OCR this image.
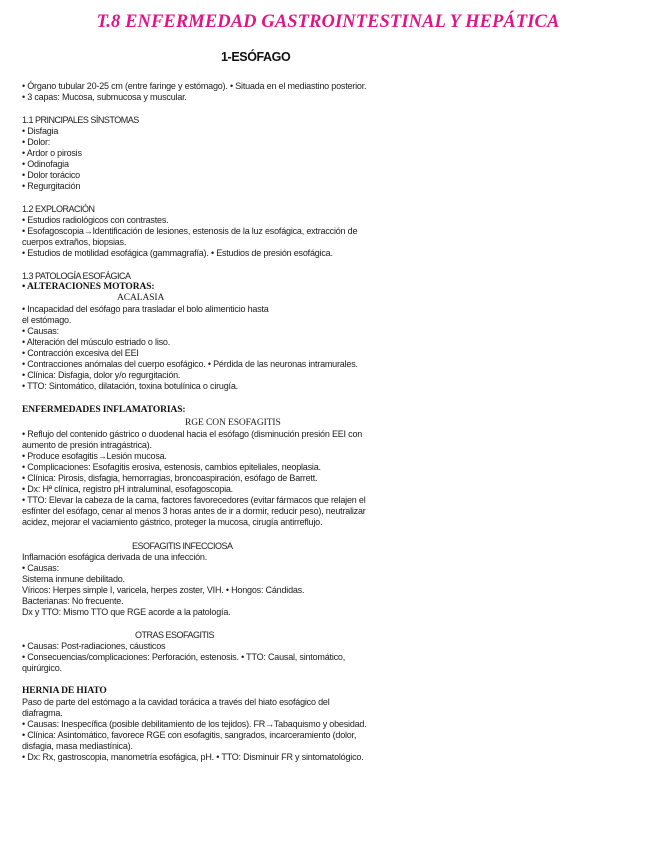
T.8 ENFERMEDAD GASTROINTESTINAL Y HEPÁTICA
1-ESÓFAGO
• Órgano tubular 20-25 cm (entre faringe y estómago). • Situada en el mediastino posterior.
• 3 capas: Mucosa, submucosa y muscular.
1.1 PRINCIPALES SÍNSTOMAS
• Disfagia
• Dolor:
• Ardor o pirosis
• Odinofagia
• Dolor torácico
• Regurgitación
1.2 EXPLORACIÓN
• Estudios radiológicos con contrastes.
• Esofagoscopia→Identificación de lesiones, estenosis de la luz esofágica, extracción de
cuerpos extraños, biopsias.
• Estudios de motilidad esofágica (gammagrafía). • Estudios de presión esofágica.
1.3 PATOLOGÍA ESOFÁGICA
• ALTERACIONES MOTORAS:
ACALASIA
• Incapacidad del esófago para trasladar el bolo alimenticio hasta
el estómago.
• Causas:
• Alteración del músculo estriado o liso.
• Contracción excesiva del EEI
• Contracciones anómalas del cuerpo esofágico. • Pérdida de las neuronas intramurales.
• Clínica: Disfagia, dolor y/o regurgitación.
• TTO: Sintomático, dilatación, toxina botulínica o cirugía.
ENFERMEDADES INFLAMATORIAS:
RGE CON ESOFAGITIS
• Reflujo del contenido gástrico o duodenal hacia el esófago (disminución presión EEI con
aumento de presión intragástrica).
• Produce esofagitis→Lesión mucosa.
• Complicaciones: Esofagitis erosiva, estenosis, cambios epiteliales, neoplasia.
• Clínica: Pirosis, disfagia, hemorragias, broncoaspiración, esófago de Barrett.
• Dx: Hª clínica, registro pH intraluminal, esofagoscopia.
• TTO: Elevar la cabeza de la cama, factores favorecedores (evitar fármacos que relajen el
esfínter del esófago, cenar al menos 3 horas antes de ir a dormir, reducir peso), neutralizar
acidez, mejorar el vaciamiento gástrico, proteger la mucosa, cirugía antirreflujo.
ESOFAGITIS INFECCIOSA
Inflamación esofágica derivada de una infección.
• Causas:
Sistema inmune debilitado.
Víricos: Herpes simple I, varicela, herpes zoster, VIH. • Hongos: Cándidas.
Bacterianas: No frecuente.
Dx y TTO: Mismo TTO que RGE acorde a la patología.
OTRAS ESOFAGITIS
• Causas: Post-radiaciones, cáusticos
• Consecuencias/complicaciones: Perforación, estenosis. • TTO: Causal, sintomático,
quirúrgico.
HERNIA DE HIATO
Paso de parte del estómago a la cavidad torácica a través del hiato esofágico del
diafragma.
• Causas: Inespecífica (posible debilitamiento de los tejidos). FR→Tabaquismo y obesidad.
• Clínica: Asintomático, favorece RGE con esofagitis, sangrados, incarceramiento (dolor,
disfagia, masa mediastínica).
• Dx: Rx, gastroscopia, manometría esofágica, pH. • TTO: Disminuir FR y sintomatológico.
